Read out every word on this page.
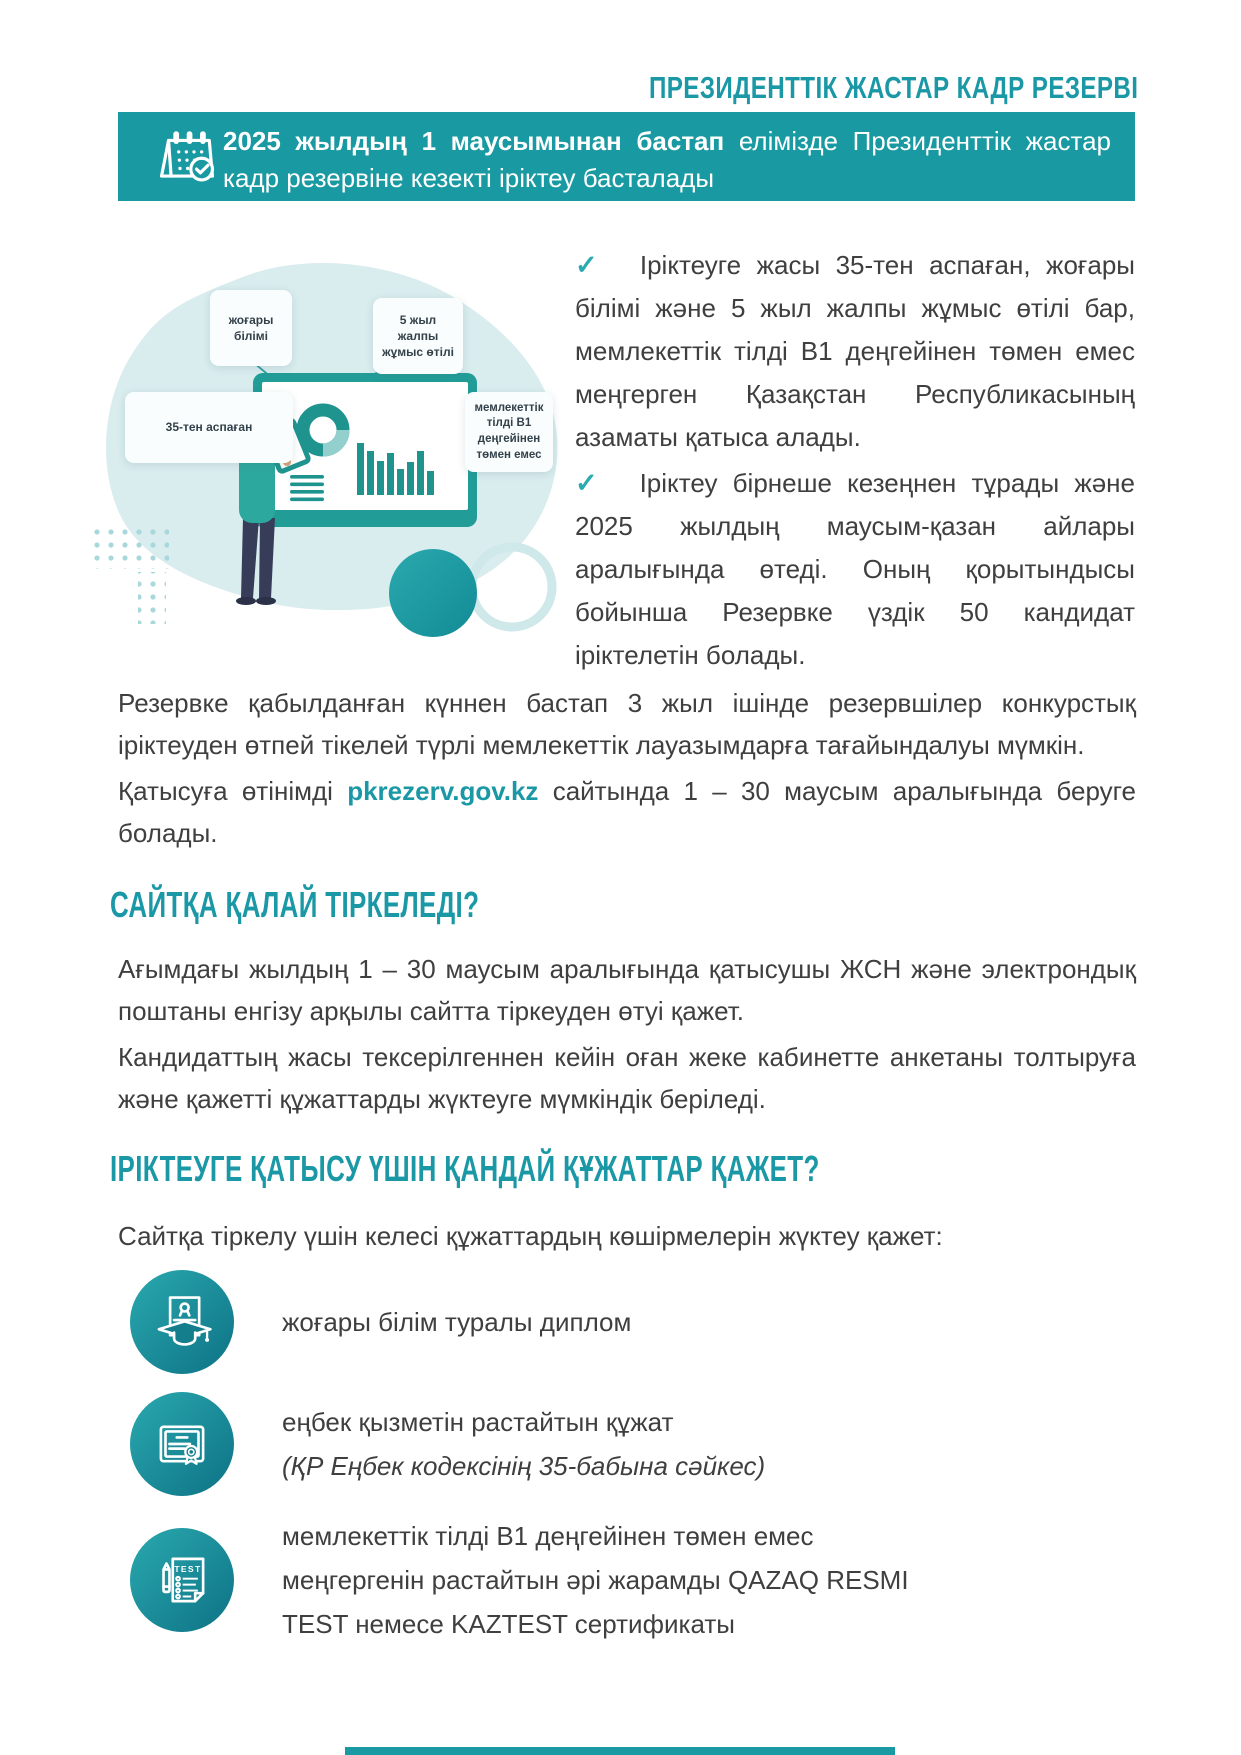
ПРЕЗИДЕНТТІК ЖАСТАР КАДР РЕЗЕРВІ
2025 жылдың 1 маусымынан бастап елімізде Президенттік жастар кадр резервіне кезекті іріктеу басталады
жоғары білімі
5 жыл жалпы жұмыс өтілі
35-тен аспаған
мемлекеттік тілді B1 деңгейінен төмен емес
✓ Іріктеуге жасы 35-тен аспаған, жоғары білімі және 5 жыл жалпы жұмыс өтілі бар, мемлекеттік тілді В1 деңгейінен төмен емес меңгерген Қазақстан Республикасының азаматы қатыса алады.
✓ Іріктеу бірнеше кезеңнен тұрады және 2025 жылдың маусым-қазан айлары аралығында өтеді. Оның қорытындысы бойынша Резервке үздік 50 кандидат іріктелетін болады.
Резервке қабылданған күннен бастап 3 жыл ішінде резервшілер конкурстық іріктеуден өтпей тікелей түрлі мемлекеттік лауазымдарға тағайындалуы мүмкін.
Қатысуға өтінімді pkrezerv.gov.kz сайтында 1 – 30 маусым аралығында беруге болады.
САЙТҚА ҚАЛАЙ ТІРКЕЛЕДІ?
Ағымдағы жылдың 1 – 30 маусым аралығында қатысушы ЖСН және электрондық поштаны енгізу арқылы сайтта тіркеуден өтуі қажет.
Кандидаттың жасы тексерілгеннен кейін оған жеке кабинетте анкетаны толтыруға және қажетті құжаттарды жүктеуге мүмкіндік беріледі.
ІРІКТЕУГЕ ҚАТЫСУ ҮШІН ҚАНДАЙ ҚҰЖАТТАР ҚАЖЕТ?
Сайтқа тіркелу үшін келесі құжаттардың көшірмелерін жүктеу қажет:
жоғары білім туралы диплом
еңбек қызметін растайтын құжат
(ҚР Еңбек кодексінің 35-бабына сәйкес)
TEST
мемлекеттік тілді В1 деңгейінен төмен емес меңгергенін растайтын әрі жарамды QAZAQ RESMI TEST немесе KAZTEST сертификаты
